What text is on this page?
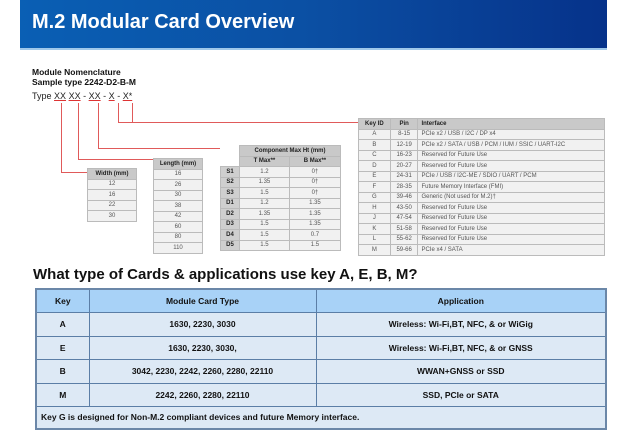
M.2 Modular Card Overview
Module Nomenclature
Sample type 2242-D2-B-M
Type XX XX - XX - X - X*
Width (mm)
12
16
22
30
Length (mm)
16
26
30
38
42
60
80
110
	Component Max Ht (mm)	
	T Max**	B Max**
S1	1.2	0†
S2	1.35	0†
S3	1.5	0†
D1	1.2	1.35
D2	1.35	1.35
D3	1.5	1.35
D4	1.5	0.7
D5	1.5	1.5
Key ID	Pin	Interface
A	8-15	PCIe x2 / USB / I2C / DP x4
B	12-19	PCIe x2 / SATA / USB / PCM / IUM / SSIC / UART-I2C
C	16-23	Reserved for Future Use
D	20-27	Reserved for Future Use
E	24-31	PCIe / USB / I2C-ME / SDIO / UART / PCM
F	28-35	Future Memory Interface (FMI)
G	39-46	Generic (Not used for M.2)†
H	43-50	Reserved for Future Use
J	47-54	Reserved for Future Use
K	51-58	Reserved for Future Use
L	55-62	Reserved for Future Use
M	59-66	PCIe x4 / SATA
What type of Cards & applications use key A, E, B, M?
Key	Module Card Type	Application
A	1630, 2230, 3030	Wireless: Wi-Fi,BT, NFC, & or WiGig
E	1630, 2230, 3030,	Wireless: Wi-Fi,BT, NFC, & or GNSS
B	3042, 2230, 2242, 2260, 2280, 22110	WWAN+GNSS or SSD
M	2242, 2260, 2280, 22110	SSD, PCIe or SATA
Key G is designed for Non-M.2 compliant devices and future Memory interface.		
